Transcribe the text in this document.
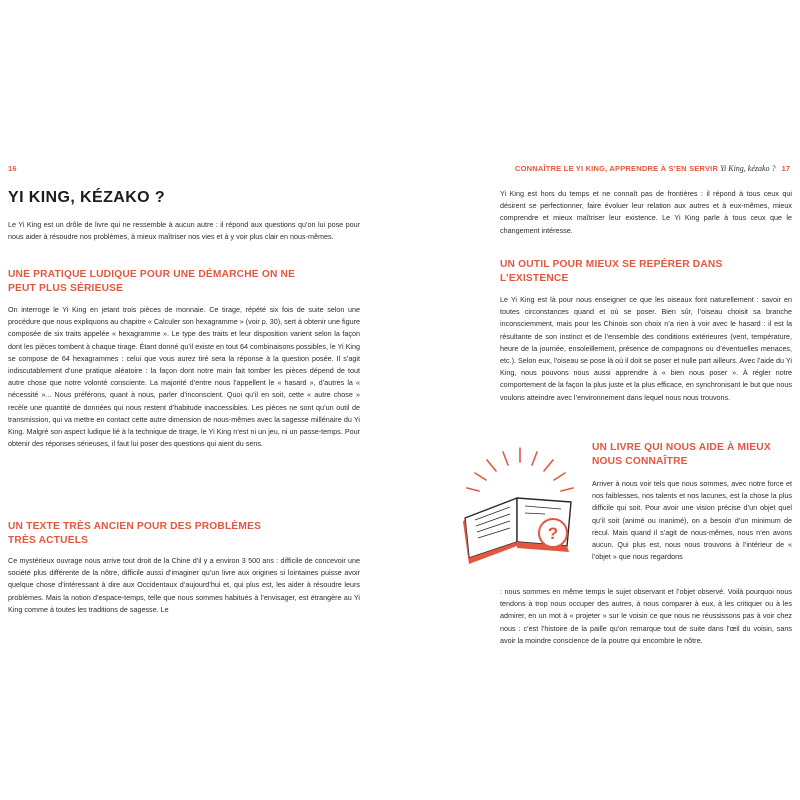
16
YI KING, KÉZAKO ?

Le Yi King est un drôle de livre qui ne ressemble à aucun autre : il répond aux questions qu’on lui pose pour nous aider à résoudre nos problèmes, à mieux maîtriser nos vies et à y voir plus clair en nous-mêmes.

UNE PRATIQUE LUDIQUE POUR UNE DÉMARCHE ON NE PEUT PLUS SÉRIEUSE

On interroge le Yi King en jetant trois pièces de monnaie. Ce tirage, répété six fois de suite selon une procédure que nous expliquons au chapitre « Calculer son hexagramme » (voir p. 30), sert à obtenir une figure composée de six traits appelée « hexagramme ». Le type des traits et leur disposition varient selon la façon dont les pièces tombent à chaque tirage. Étant donné qu’il existe en tout 64 combinaisons possibles, le Yi King se compose de 64 hexagrammes : celui que vous aurez tiré sera la réponse à la question posée. Il s’agit indiscutablement d’une pratique aléatoire : la façon dont notre main fait tomber les pièces dépend de tout autre chose que notre volonté consciente. La majorité d’entre nous l’appellent le « hasard », d’autres la « nécessité »... Nous préférons, quant à nous, parler d’inconscient. Quoi qu’il en soit, cette « autre chose » recèle une quantité de données qui nous restent d’habitude inaccessibles. Les pièces ne sont qu’un outil de transmission, qui va mettre en contact cette autre dimension de nous-mêmes avec la sagesse millénaire du Yi King. Malgré son aspect ludique lié à la technique de tirage, le Yi King n’est ni un jeu, ni un passe-temps. Pour obtenir des réponses sérieuses, il faut lui poser des questions qui aient du sens.

UN TEXTE TRÈS ANCIEN POUR DES PROBLÈMES TRÈS ACTUELS

Ce mystérieux ouvrage nous arrive tout droit de la Chine d’il y a environ 3 500 ans : difficile de concevoir une société plus différente de la nôtre, difficile aussi d’imaginer qu’un livre aux origines si lointaines puisse avoir quelque chose d’intéressant à dire aux Occidentaux d’aujourd’hui et, qui plus est, les aider à résoudre leurs problèmes. Mais la notion d’espace-temps, telle que nous sommes habitués à l’envisager, est étrangère au Yi King comme à toutes les traditions de sagesse. Le

CONNAÎTRE LE YI KING, APPRENDRE À S’EN SERVIR Yi King, kézako ? 17

Yi King est hors du temps et ne connaît pas de frontières : il répond à tous ceux qui désirent se perfectionner, faire évoluer leur relation aux autres et à eux-mêmes, mieux comprendre et mieux maîtriser leur existence. Le Yi King parle à tous ceux que le changement intéresse.

UN OUTIL POUR MIEUX SE REPÉRER DANS L’EXISTENCE

Le Yi King est là pour nous enseigner ce que les oiseaux font naturellement : savoir en toutes circonstances quand et où se poser. Bien sûr, l’oiseau choisit sa branche inconsciemment, mais pour les Chinois son choix n’a rien à voir avec le hasard : il est la résultante de son instinct et de l’ensemble des conditions extérieures (vent, température, heure de la journée, ensoleillement, présence de compagnons ou d’éventuelles menaces, etc.). Selon eux, l’oiseau se pose là où il doit se poser et nulle part ailleurs. Avec l’aide du Yi King, nous pouvons nous aussi apprendre à « bien nous poser ». À régler notre comportement de la façon la plus juste et la plus efficace, en synchronisant le but que nous voulons atteindre avec l’environnement dans lequel nous nous trouvons.

?
UN LIVRE QUI NOUS AIDE À MIEUX NOUS CONNAÎTRE

Arriver à nous voir tels que nous sommes, avec notre force et nos faiblesses, nos talents et nos lacunes, est la chose la plus difficile qui soit. Pour avoir une vision précise d’un objet quel qu’il soit (animé ou inanimé), on a besoin d’un minimum de recul. Mais quand il s’agit de nous-mêmes, nous n’en avons aucun. Qui plus est, nous nous trouvons à l’intérieur de « l’objet » que nous regardons

: nous sommes en même temps le sujet observant et l’objet observé. Voilà pourquoi nous tendons à trop nous occuper des autres, à nous comparer à eux, à les critiquer ou à les admirer, en un mot à « projeter » sur le voisin ce que nous ne réussissons pas à voir chez nous : c’est l’histoire de la paille qu’on remarque tout de suite dans l’œil du voisin, sans avoir la moindre conscience de la poutre qui encombre le nôtre.
